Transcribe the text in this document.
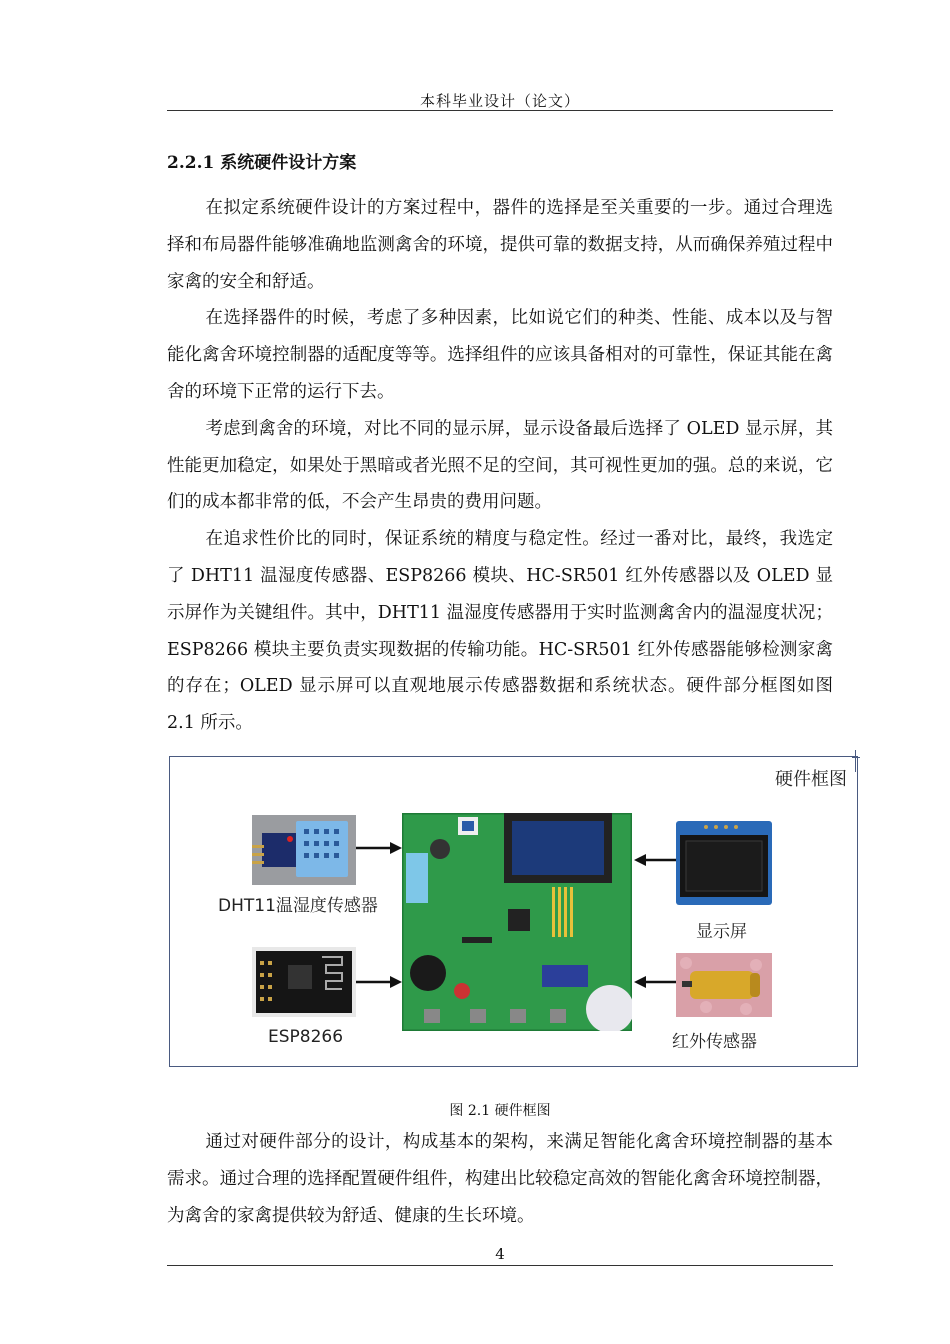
本科毕业设计（论文）
2.2.1 系统硬件设计方案

在拟定系统硬件设计的方案过程中，器件的选择是至关重要的一步。通过合理选择和布局器件能够准确地监测禽舍的环境，提供可靠的数据支持，从而确保养殖过程中家禽的安全和舒适。

在选择器件的时候，考虑了多种因素，比如说它们的种类、性能、成本以及与智能化禽舍环境控制器的适配度等等。选择组件的应该具备相对的可靠性，保证其能在禽舍的环境下正常的运行下去。

考虑到禽舍的环境，对比不同的显示屏，显示设备最后选择了 OLED 显示屏，其性能更加稳定，如果处于黑暗或者光照不足的空间，其可视性更加的强。总的来说，它们的成本都非常的低，不会产生昂贵的费用问题。

在追求性价比的同时，保证系统的精度与稳定性。经过一番对比，最终，我选定了 DHT11 温湿度传感器、ESP8266 模块、HC-SR501 红外传感器以及 OLED 显示屏作为关键组件。其中，DHT11 温湿度传感器用于实时监测禽舍内的温湿度状况；ESP8266 模块主要负责实现数据的传输功能。HC-SR501 红外传感器能够检测家禽的存在；OLED 显示屏可以直观地展示传感器数据和系统状态。硬件部分框图如图 2.1 所示。

硬件框图
DHT11温湿度传感器
ESP8266
显示屏
红外传感器
图 2.1 硬件框图

通过对硬件部分的设计，构成基本的架构，来满足智能化禽舍环境控制器的基本需求。通过合理的选择配置硬件组件，构建出比较稳定高效的智能化禽舍环境控制器，为禽舍的家禽提供较为舒适、健康的生长环境。

4
